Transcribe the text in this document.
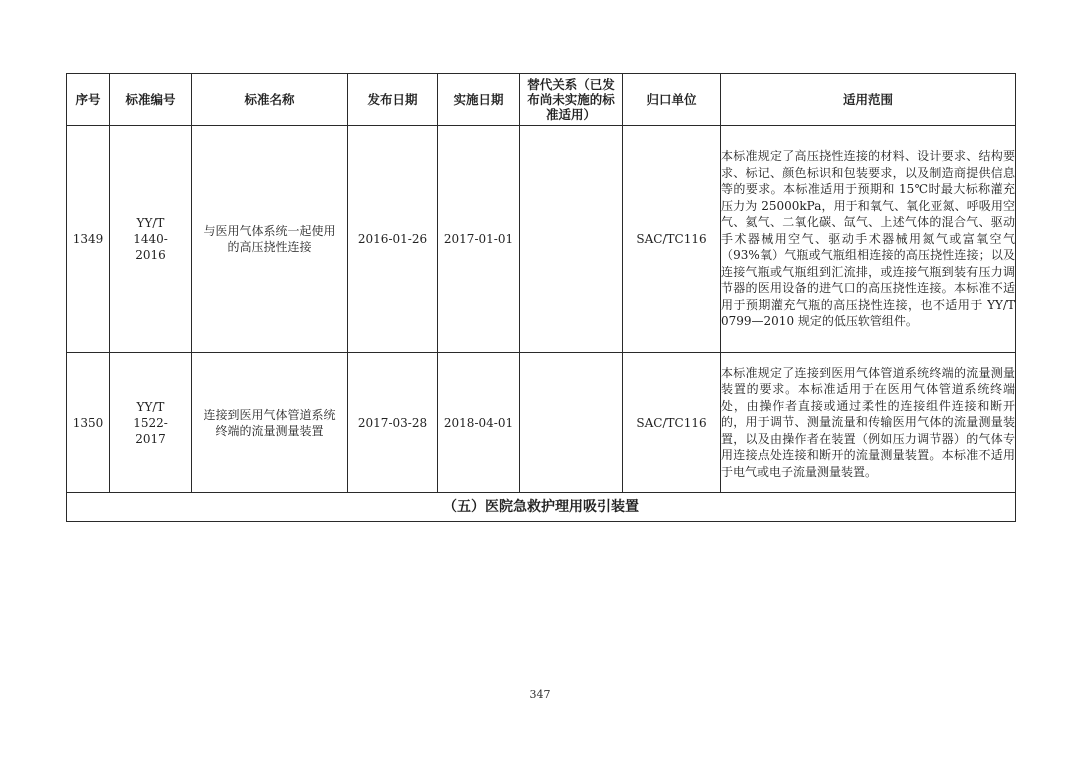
序号	标准编号	标准名称	发布日期	实施日期	替代关系（已发布尚未实施的标准适用）	归口单位	适用范围
1349	YY/T 1440-2016	与医用气体系统一起使用的高压挠性连接	2016-01-26	2017-01-01		SAC/TC116	本标准规定了高压挠性连接的材料、设计要求、结构要求、标记、颜色标识和包装要求，以及制造商提供信息等的要求。本标准适用于预期和 15℃时最大标称灌充压力为 25000kPa，用于和氧气、氧化亚氮、呼吸用空气、氦气、二氧化碳、氙气、上述气体的混合气、驱动手术器械用空气、驱动手术器械用氮气或富氧空气（93%氧）气瓶或气瓶组相连接的高压挠性连接；以及连接气瓶或气瓶组到汇流排，或连接气瓶到装有压力调节器的医用设备的进气口的高压挠性连接。本标准不适用于预期灌充气瓶的高压挠性连接，也不适用于 YY/T 0799—2010 规定的低压软管组件。
1350	YY/T 1522-2017	连接到医用气体管道系统终端的流量测量装置	2017-03-28	2018-04-01		SAC/TC116	本标准规定了连接到医用气体管道系统终端的流量测量装置的要求。本标准适用于在医用气体管道系统终端处，由操作者直接或通过柔性的连接组件连接和断开的，用于调节、测量流量和传输医用气体的流量测量装置，以及由操作者在装置（例如压力调节器）的气体专用连接点处连接和断开的流量测量装置。本标准不适用于电气或电子流量测量装置。
（五）医院急救护理用吸引装置							
347
